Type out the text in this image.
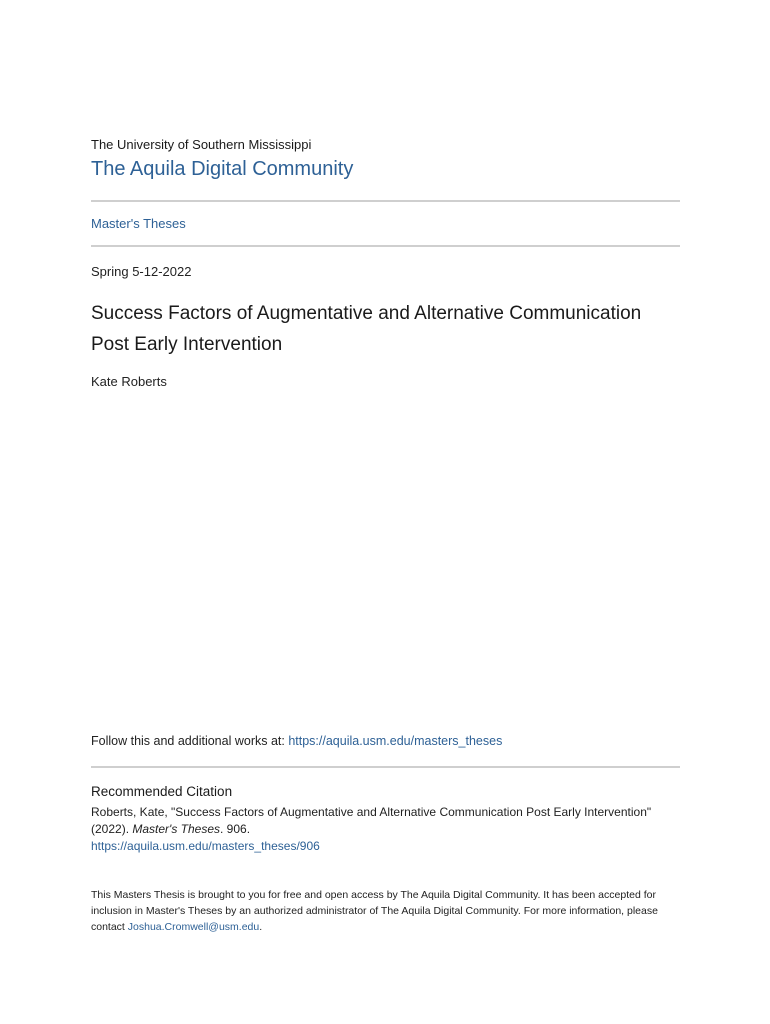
The University of Southern Mississippi
The Aquila Digital Community
Master's Theses
Spring 5-12-2022
Success Factors of Augmentative and Alternative Communication
Post Early Intervention
Kate Roberts
Follow this and additional works at: https://aquila.usm.edu/masters_theses
Recommended Citation
Roberts, Kate, "Success Factors of Augmentative and Alternative Communication Post Early Intervention" (2022). Master's Theses. 906.
https://aquila.usm.edu/masters_theses/906
This Masters Thesis is brought to you for free and open access by The Aquila Digital Community. It has been accepted for inclusion in Master's Theses by an authorized administrator of The Aquila Digital Community. For more information, please contact Joshua.Cromwell@usm.edu.
